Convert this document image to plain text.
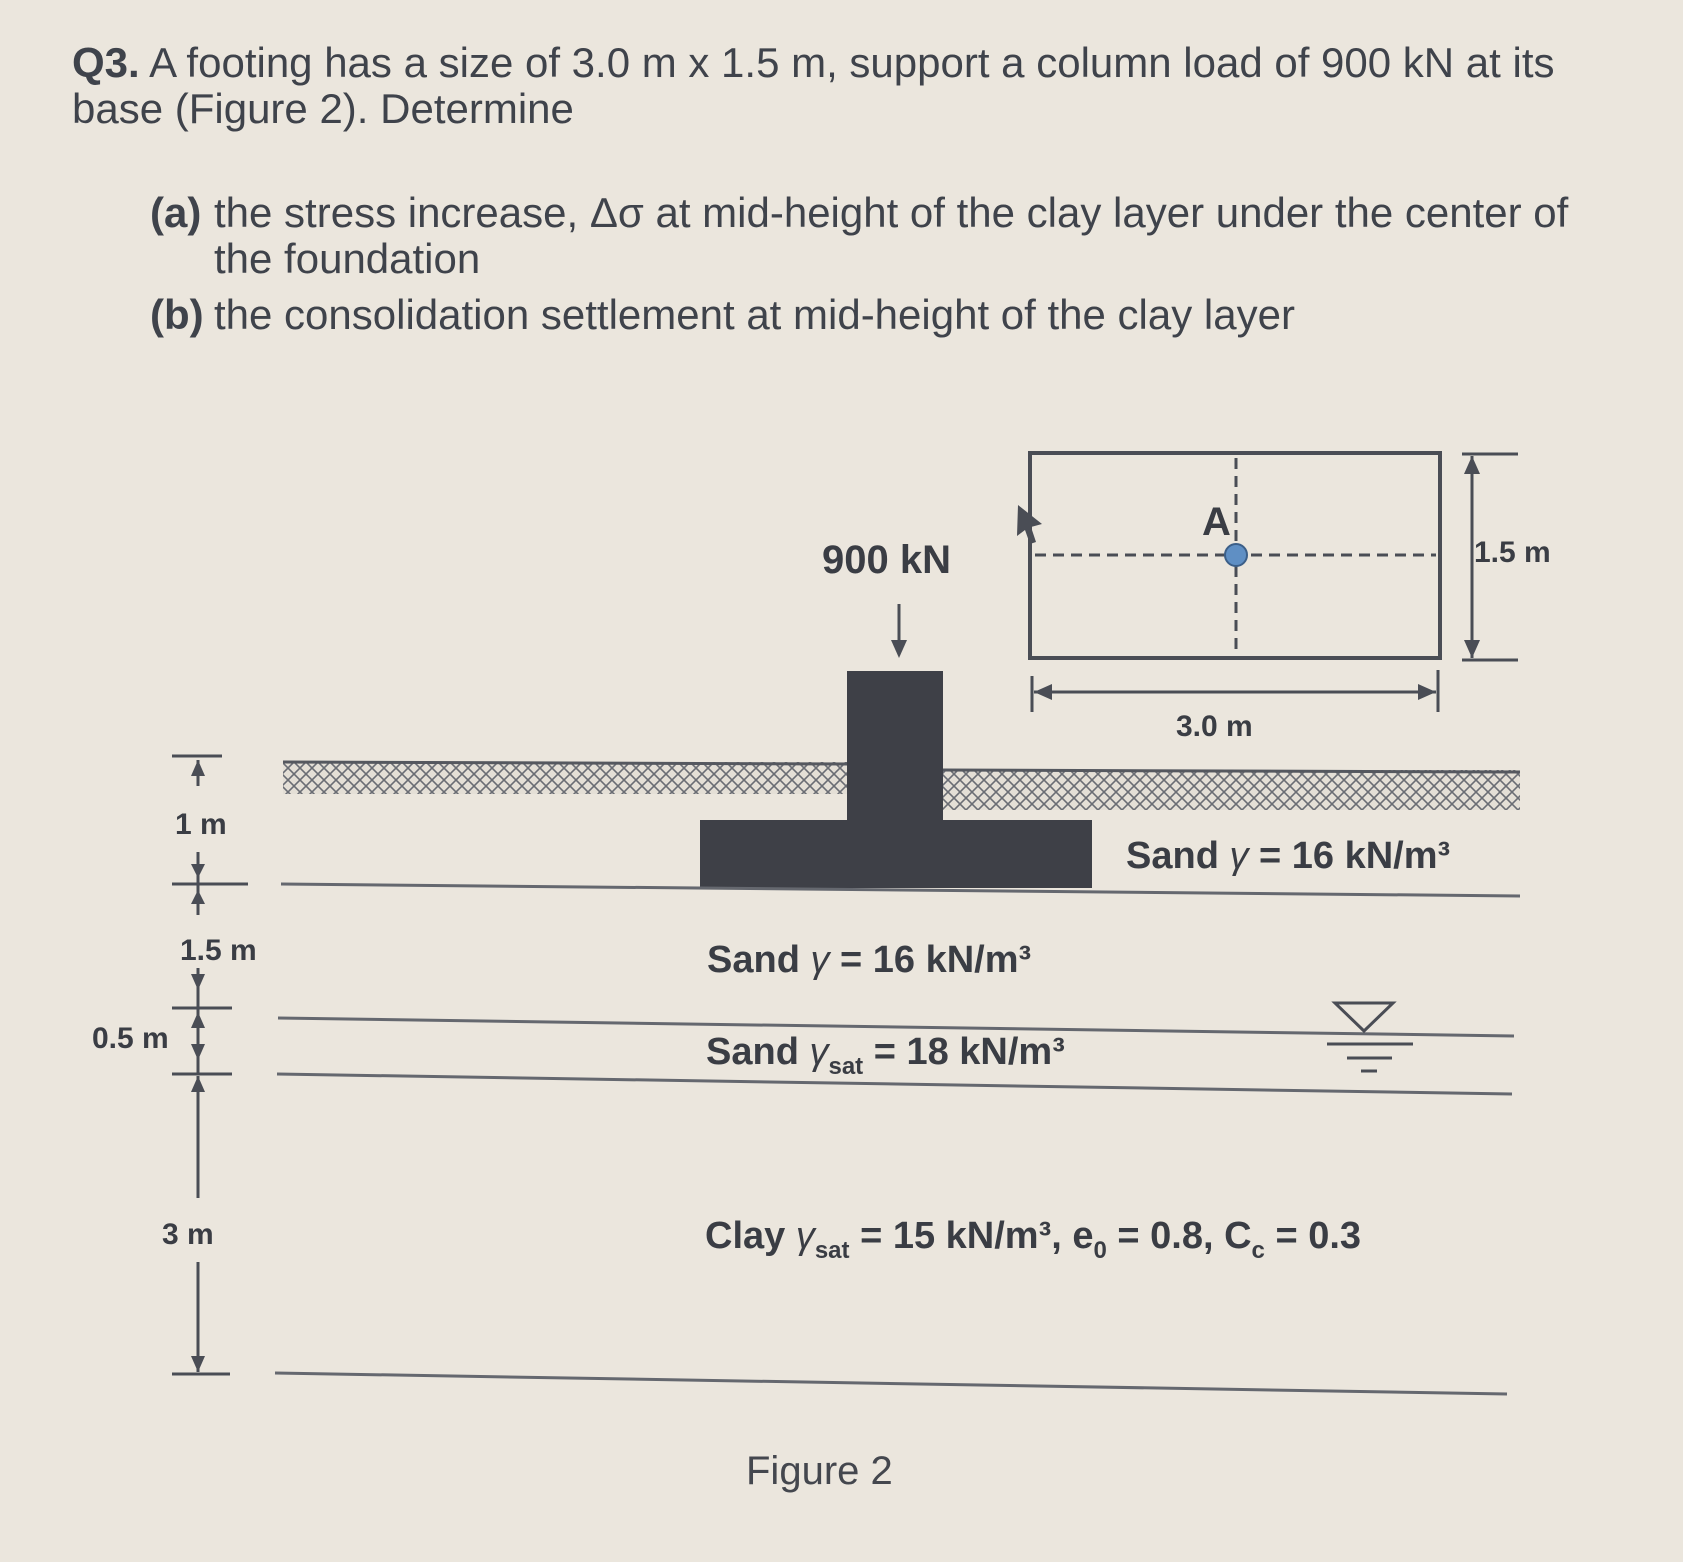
Q3. A footing has a size of 3.0 m x 1.5 m, support a column load of 900 kN at its base (Figure 2). Determine
(a) the stress increase, Δσ at mid-height of the clay layer under the center of
the foundation
(b) the consolidation settlement at mid-height of the clay layer
A
1.5 m
3.0 m
900 kN
1 m
1.5 m
0.5 m
3 m
Sand γ = 16 kN/m³
Sand γ = 16 kN/m³
Sand $\gamma_{sat} = 18$ kN/m³
Clay $\gamma_{sat} = 15$ kN/m³, $e_0 = 0.8$, $C_c = 0.3$
Figure 2
